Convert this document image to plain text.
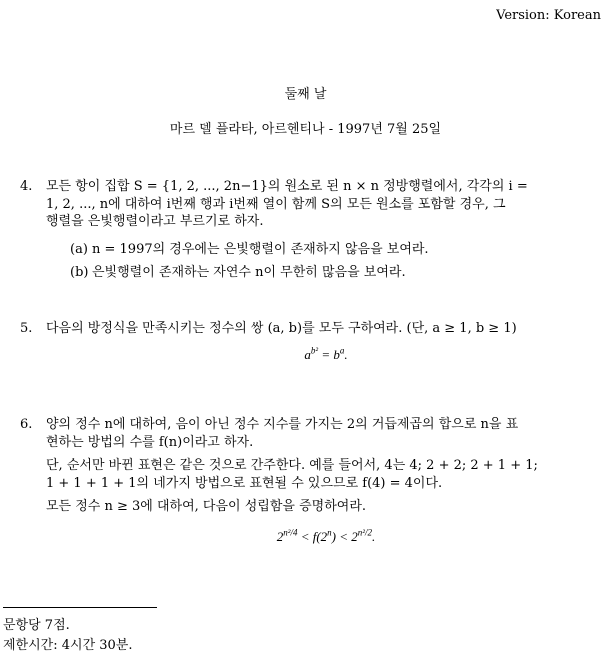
Version: Korean
둘째 날
마르 델 플라타, 아르헨티나 - 1997년 7월 25일
4. 모든 항이 집합 S = {1, 2, ..., 2n−1}의 원소로 된 n × n 정방행렬에서, 각각의 i =
1, 2, ..., n에 대하여 i번째 행과 i번째 열이 함께 S의 모든 원소를 포함할 경우, 그
행렬을 은빛행렬이라고 부르기로 하자.
(a) n = 1997의 경우에는 은빛행렬이 존재하지 않음을 보여라.
(b) 은빛행렬이 존재하는 자연수 n이 무한히 많음을 보여라.
5. 다음의 방정식을 만족시키는 정수의 쌍 (a, b)를 모두 구하여라. (단, a ≥ 1, b ≥ 1)
$a^{b^2} = b^a$.
6. 양의 정수 n에 대하여, 음이 아닌 정수 지수를 가지는 2의 거듭제곱의 합으로 n을 표
현하는 방법의 수를 f(n)이라고 하자.
단, 순서만 바뀐 표현은 같은 것으로 간주한다. 예를 들어서, 4는 4; 2 + 2; 2 + 1 + 1;
1 + 1 + 1 + 1의 네가지 방법으로 표현될 수 있으므로 f(4) = 4이다.
모든 정수 n ≥ 3에 대하여, 다음이 성립함을 증명하여라.
$2^{n^2/4} < f(2^n) < 2^{n^2/2}$.
문항당 7점.
제한시간: 4시간 30분.
